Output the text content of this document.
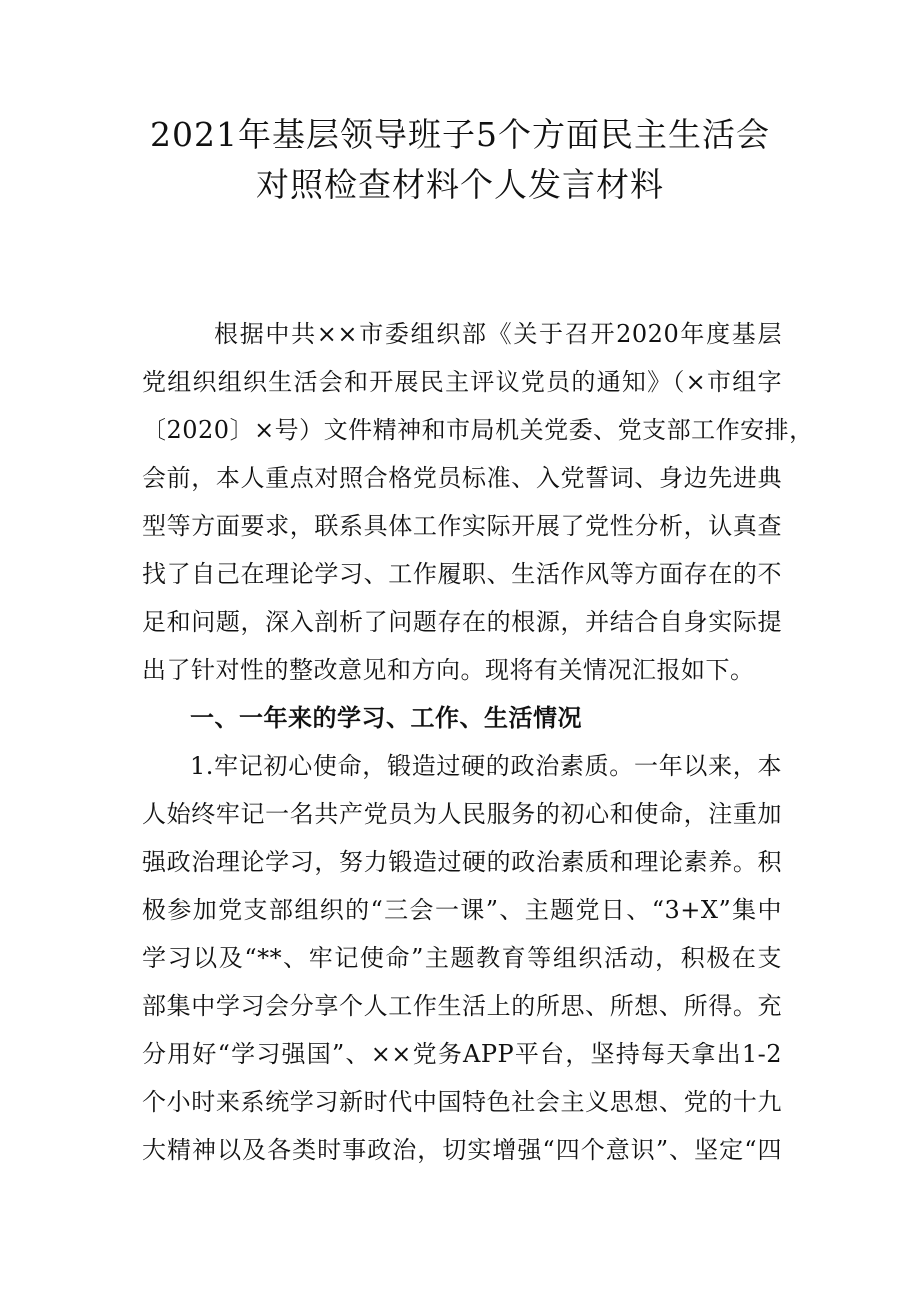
2021年基层领导班子5个方面民主生活会
对照检查材料个人发言材料
根据中共××市委组织部《关于召开2020年度基层
党组织组织生活会和开展民主评议党员的通知》（×市组字
〔2020〕×号）文件精神和市局机关党委、党支部工作安排，
会前，本人重点对照合格党员标准、入党誓词、身边先进典
型等方面要求，联系具体工作实际开展了党性分析，认真查
找了自己在理论学习、工作履职、生活作风等方面存在的不
足和问题，深入剖析了问题存在的根源，并结合自身实际提
出了针对性的整改意见和方向。现将有关情况汇报如下。
一、一年来的学习、工作、生活情况
1.牢记初心使命，锻造过硬的政治素质。一年以来，本
人始终牢记一名共产党员为人民服务的初心和使命，注重加
强政治理论学习，努力锻造过硬的政治素质和理论素养。积
极参加党支部组织的“三会一课”、主题党日、“3+X”集中
学习以及“**、牢记使命”主题教育等组织活动，积极在支
部集中学习会分享个人工作生活上的所思、所想、所得。充
分用好“学习强国”、××党务APP平台，坚持每天拿出1-2
个小时来系统学习新时代中国特色社会主义思想、党的十九
大精神以及各类时事政治，切实增强“四个意识”、坚定“四
